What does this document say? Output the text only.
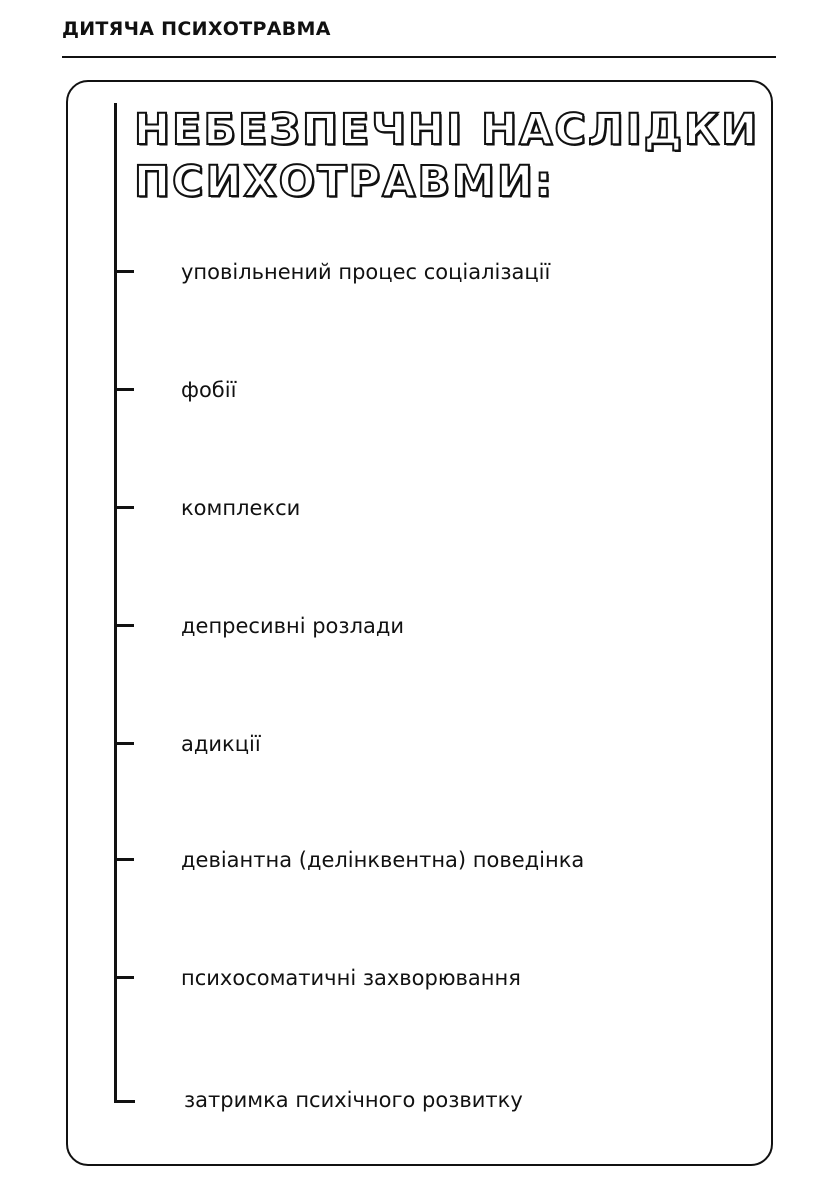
ДИТЯЧА ПСИХОТРАВМА
НЕБЕЗПЕЧНІ НАСЛІДКИ
ПСИХОТРАВМИ:
уповільнений процес соціалізації
фобії
комплекси
депресивні розлади
адикції
девіантна (делінквентна) поведінка
психосоматичні захворювання
затримка психічного розвитку
